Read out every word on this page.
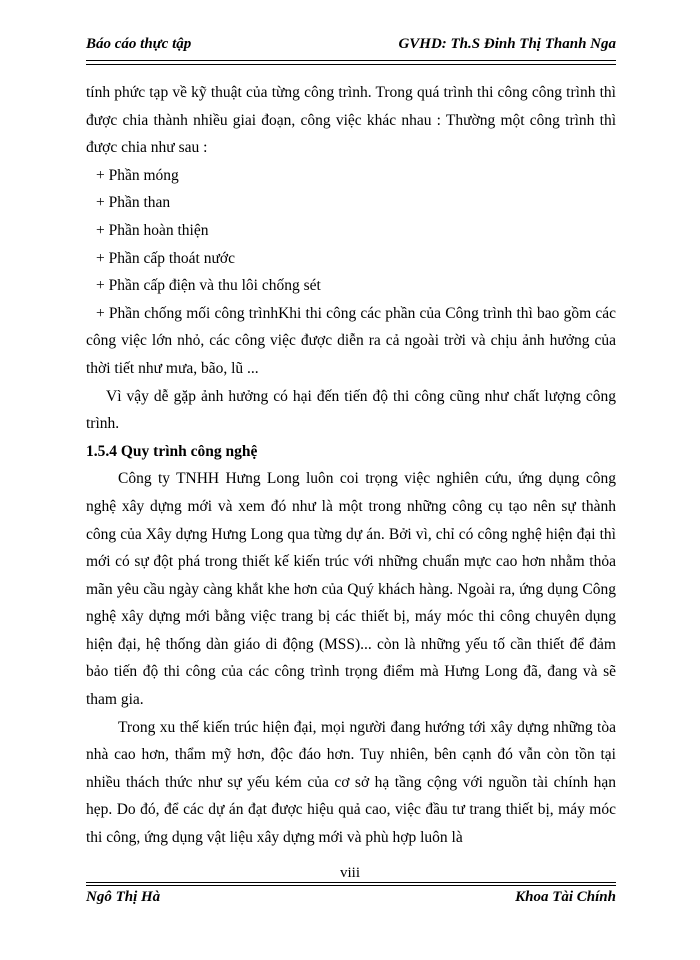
Báo cáo thực tập	GVHD: Th.S Đinh Thị Thanh Nga

tính phức tạp về kỹ thuật của từng công trình. Trong quá trình thi công công trình thì được chia thành nhiều giai đoạn, công việc khác nhau : Thường một công trình thì được chia như sau :

+ Phần móng

+ Phần than

+ Phần hoàn thiện

+ Phần cấp thoát nước

+ Phần cấp điện và thu lôi chống sét

+ Phần chống mối công trìnhKhi thi công các phần của Công trình thì bao gồm các công việc lớn nhỏ, các công việc được diễn ra cả ngoài trời và chịu ảnh hưởng của thời tiết như mưa, bão, lũ ...

Vì vậy dễ gặp ảnh hưởng có hại đến tiến độ thi công cũng như chất lượng công trình.

1.5.4 Quy trình công nghệ

Công ty TNHH Hưng Long luôn coi trọng việc nghiên cứu, ứng dụng công nghệ xây dựng mới và xem đó như là một trong những công cụ tạo nên sự thành công của Xây dựng Hưng Long qua từng dự án. Bởi vì, chỉ có công nghệ hiện đại thì mới có sự đột phá trong thiết kế kiến trúc với những chuẩn mực cao hơn nhằm thỏa mãn yêu cầu ngày càng khắt khe hơn của Quý khách hàng. Ngoài ra, ứng dụng Công nghệ xây dựng mới bằng việc trang bị các thiết bị, máy móc thi công chuyên dụng hiện đại, hệ thống dàn giáo di động (MSS)... còn là những yếu tố cần thiết để đảm bảo tiến độ thi công của các công trình trọng điểm mà Hưng Long đã, đang và sẽ tham gia.

Trong xu thế kiến trúc hiện đại, mọi người đang hướng tới xây dựng những tòa nhà cao hơn, thẩm mỹ hơn, độc đáo hơn. Tuy nhiên, bên cạnh đó vẫn còn tồn tại nhiều thách thức như sự yếu kém của cơ sở hạ tầng cộng với nguồn tài chính hạn hẹp. Do đó, để các dự án đạt được hiệu quả cao, việc đầu tư trang thiết bị, máy móc thi công, ứng dụng vật liệu xây dựng mới và phù hợp luôn là

viii
Ngô Thị Hà	Khoa Tài Chính
